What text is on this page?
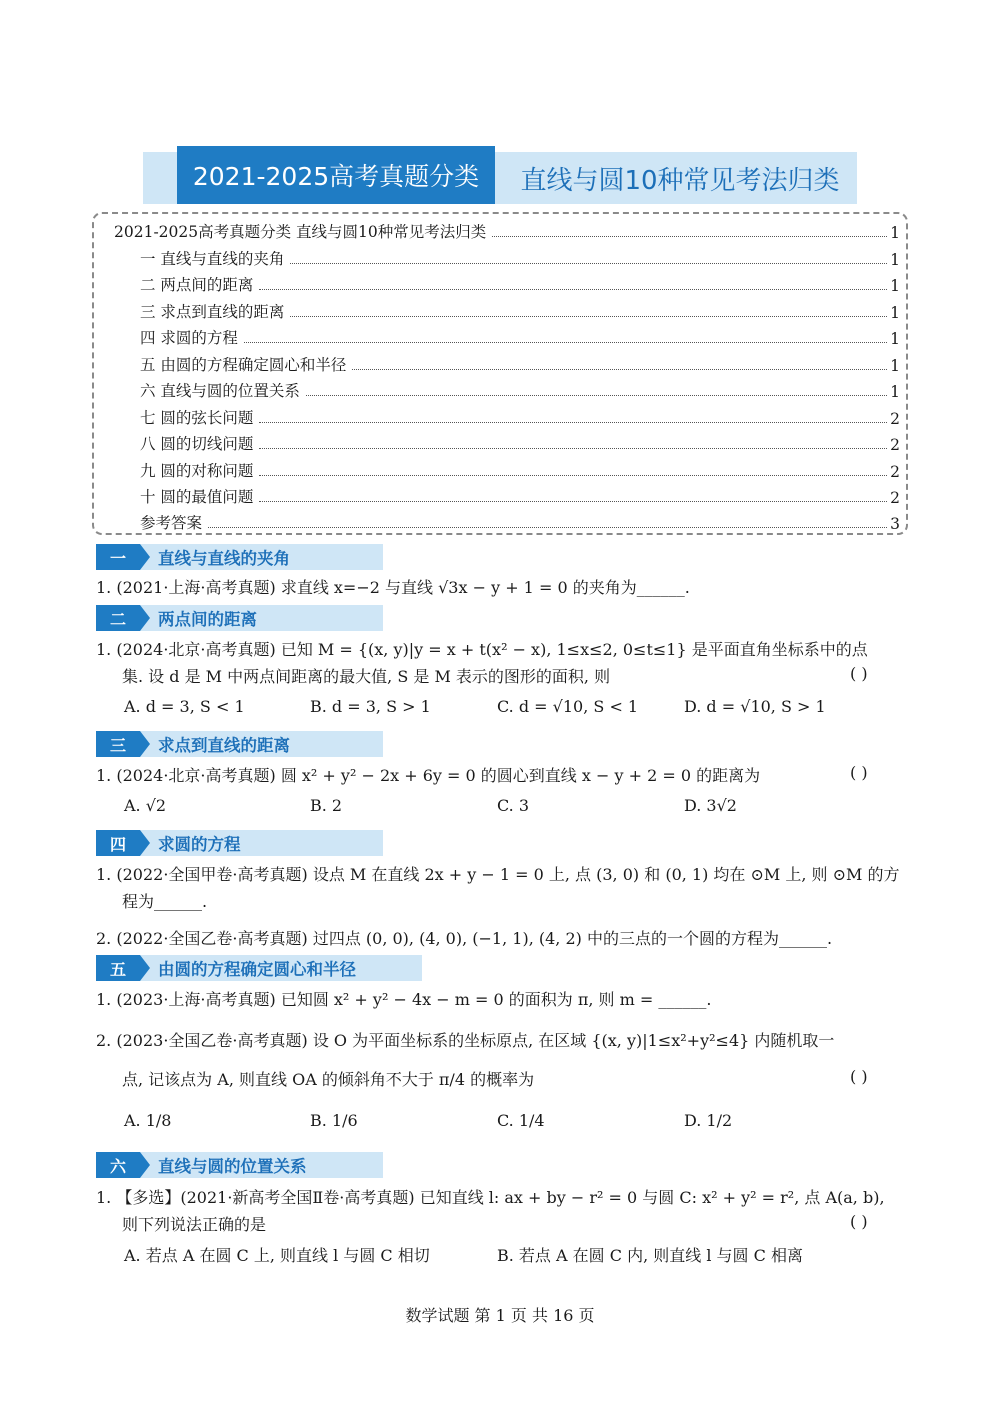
2021-2025高考真题分类	直线与圆10种常见考法归类
2021-2025高考真题分类 直线与圆10种常见考法归类	1
一 直线与直线的夹角	1
二 两点间的距离	1
三 求点到直线的距离	1
四 求圆的方程	1
五 由圆的方程确定圆心和半径	1
六 直线与圆的位置关系	1
七 圆的弦长问题	2
八 圆的切线问题	2
九 圆的对称问题	2
十 圆的最值问题	2
参考答案	3
一	直线与直线的夹角
1. (2021·上海·高考真题) 求直线 x=−2 与直线 √3x − y + 1 = 0 的夹角为______.
二	两点间的距离
1. (2024·北京·高考真题) 已知 M = {(x, y)|y = x + t(x² − x), 1≤x≤2, 0≤t≤1} 是平面直角坐标系中的点
集. 设 d 是 M 中两点间距离的最大值, S 是 M 表示的图形的面积, 则	( )
A. d = 3, S < 1	B. d = 3, S > 1	C. d = √10, S < 1	D. d = √10, S > 1
三	求点到直线的距离
1. (2024·北京·高考真题) 圆 x² + y² − 2x + 6y = 0 的圆心到直线 x − y + 2 = 0 的距离为	( )
A. √2	B. 2	C. 3	D. 3√2
四	求圆的方程
1. (2022·全国甲卷·高考真题) 设点 M 在直线 2x + y − 1 = 0 上, 点 (3, 0) 和 (0, 1) 均在 ⊙M 上, 则 ⊙M 的方
程为______.
2. (2022·全国乙卷·高考真题) 过四点 (0, 0), (4, 0), (−1, 1), (4, 2) 中的三点的一个圆的方程为______.
五	由圆的方程确定圆心和半径
1. (2023·上海·高考真题) 已知圆 x² + y² − 4x − m = 0 的面积为 π, 则 m = ______.
2. (2023·全国乙卷·高考真题) 设 O 为平面坐标系的坐标原点, 在区域 {(x, y)|1≤x²+y²≤4} 内随机取一
点, 记该点为 A, 则直线 OA 的倾斜角不大于 π/4 的概率为	( )
A. 1/8	B. 1/6	C. 1/4	D. 1/2
六	直线与圆的位置关系
1. 【多选】(2021·新高考全国Ⅱ卷·高考真题) 已知直线 l: ax + by − r² = 0 与圆 C: x² + y² = r², 点 A(a, b),
则下列说法正确的是	( )
A. 若点 A 在圆 C 上, 则直线 l 与圆 C 相切	B. 若点 A 在圆 C 内, 则直线 l 与圆 C 相离
数学试题 第 1 页 共 16 页
